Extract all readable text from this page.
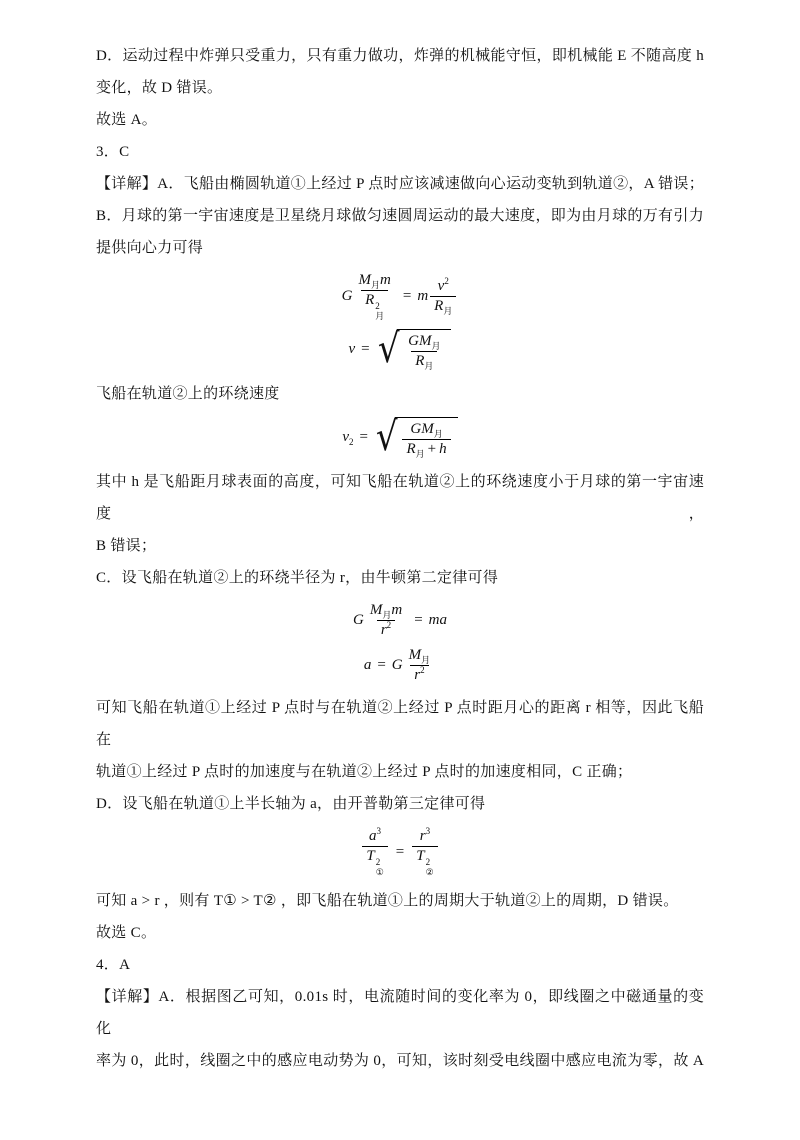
D．运动过程中炸弹只受重力，只有重力做功，炸弹的机械能守恒，即机械能 E 不随高度 h
变化，故 D 错误。
故选 A。
3．C
【详解】A．飞船由椭圆轨道①上经过 P 点时应该减速做向心运动变轨到轨道②，A 错误；
B．月球的第一宇宙速度是卫星绕月球做匀速圆周运动的最大速度，即为由月球的万有引力
提供向心力可得
G $M_月m$
R 2
月 = m $\frac{v^2}{R_月}$
v = √ $\frac{GM_月}{R_月}$
飞船在轨道②上的环绕速度
$v_2$ = √ $\frac{GM_月}{R_月 + h}$
其中 h 是飞船距月球表面的高度，可知飞船在轨道②上的环绕速度小于月球的第一宇宙速度，
B 错误；
C．设飞船在轨道②上的环绕半径为 r，由牛顿第二定律可得
G $\frac{M_月m}{r^2}$ = ma
a = G $\frac{M_月}{r^2}$
可知飞船在轨道①上经过 P 点时与在轨道②上经过 P 点时距月心的距离 r 相等，因此飞船在
轨道①上经过 P 点时的加速度与在轨道②上经过 P 点时的加速度相同，C 正确；
D．设飞船在轨道①上半长轴为 a，由开普勒第三定律可得
$a^3$
T 2
① = $r^3$
T 2
②
可知 a > r ，则有 T① > T② ，即飞船在轨道①上的周期大于轨道②上的周期，D 错误。
故选 C。
4．A
【详解】A．根据图乙可知，0.01s 时，电流随时间的变化率为 0，即线圈之中磁通量的变化
率为 0，此时，线圈之中的感应电动势为 0，可知，该时刻受电线圈中感应电流为零，故 A
